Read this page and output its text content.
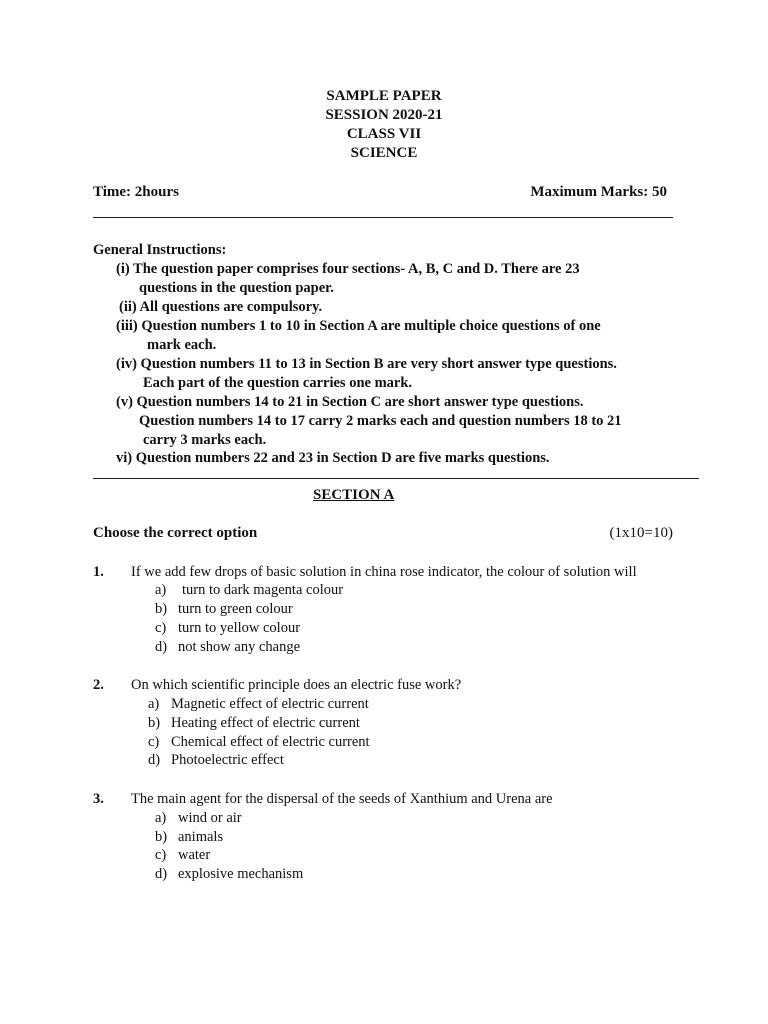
SAMPLE PAPER
SESSION 2020-21
CLASS VII
SCIENCE
Time: 2hours	Maximum Marks: 50
General Instructions:
(i) The question paper comprises four sections- A, B, C and D. There are 23
questions in the question paper.
(ii) All questions are compulsory.
(iii) Question numbers 1 to 10 in Section A are multiple choice questions of one
mark each.
(iv) Question numbers 11 to 13 in Section B are very short answer type questions.
Each part of the question carries one mark.
(v) Question numbers 14 to 21 in Section C are short answer type questions.
Question numbers 14 to 17 carry 2 marks each and question numbers 18 to 21
carry 3 marks each.
vi) Question numbers 22 and 23 in Section D are five marks questions.
SECTION A
Choose the correct option	(1x10=10)
1. If we add few drops of basic solution in china rose indicator, the colour of solution will
a) turn to dark magenta colour
b) turn to green colour
c) turn to yellow colour
d) not show any change
2. On which scientific principle does an electric fuse work?
a) Magnetic effect of electric current
b) Heating effect of electric current
c) Chemical effect of electric current
d) Photoelectric effect
3. The main agent for the dispersal of the seeds of Xanthium and Urena are
a) wind or air
b) animals
c) water
d) explosive mechanism
